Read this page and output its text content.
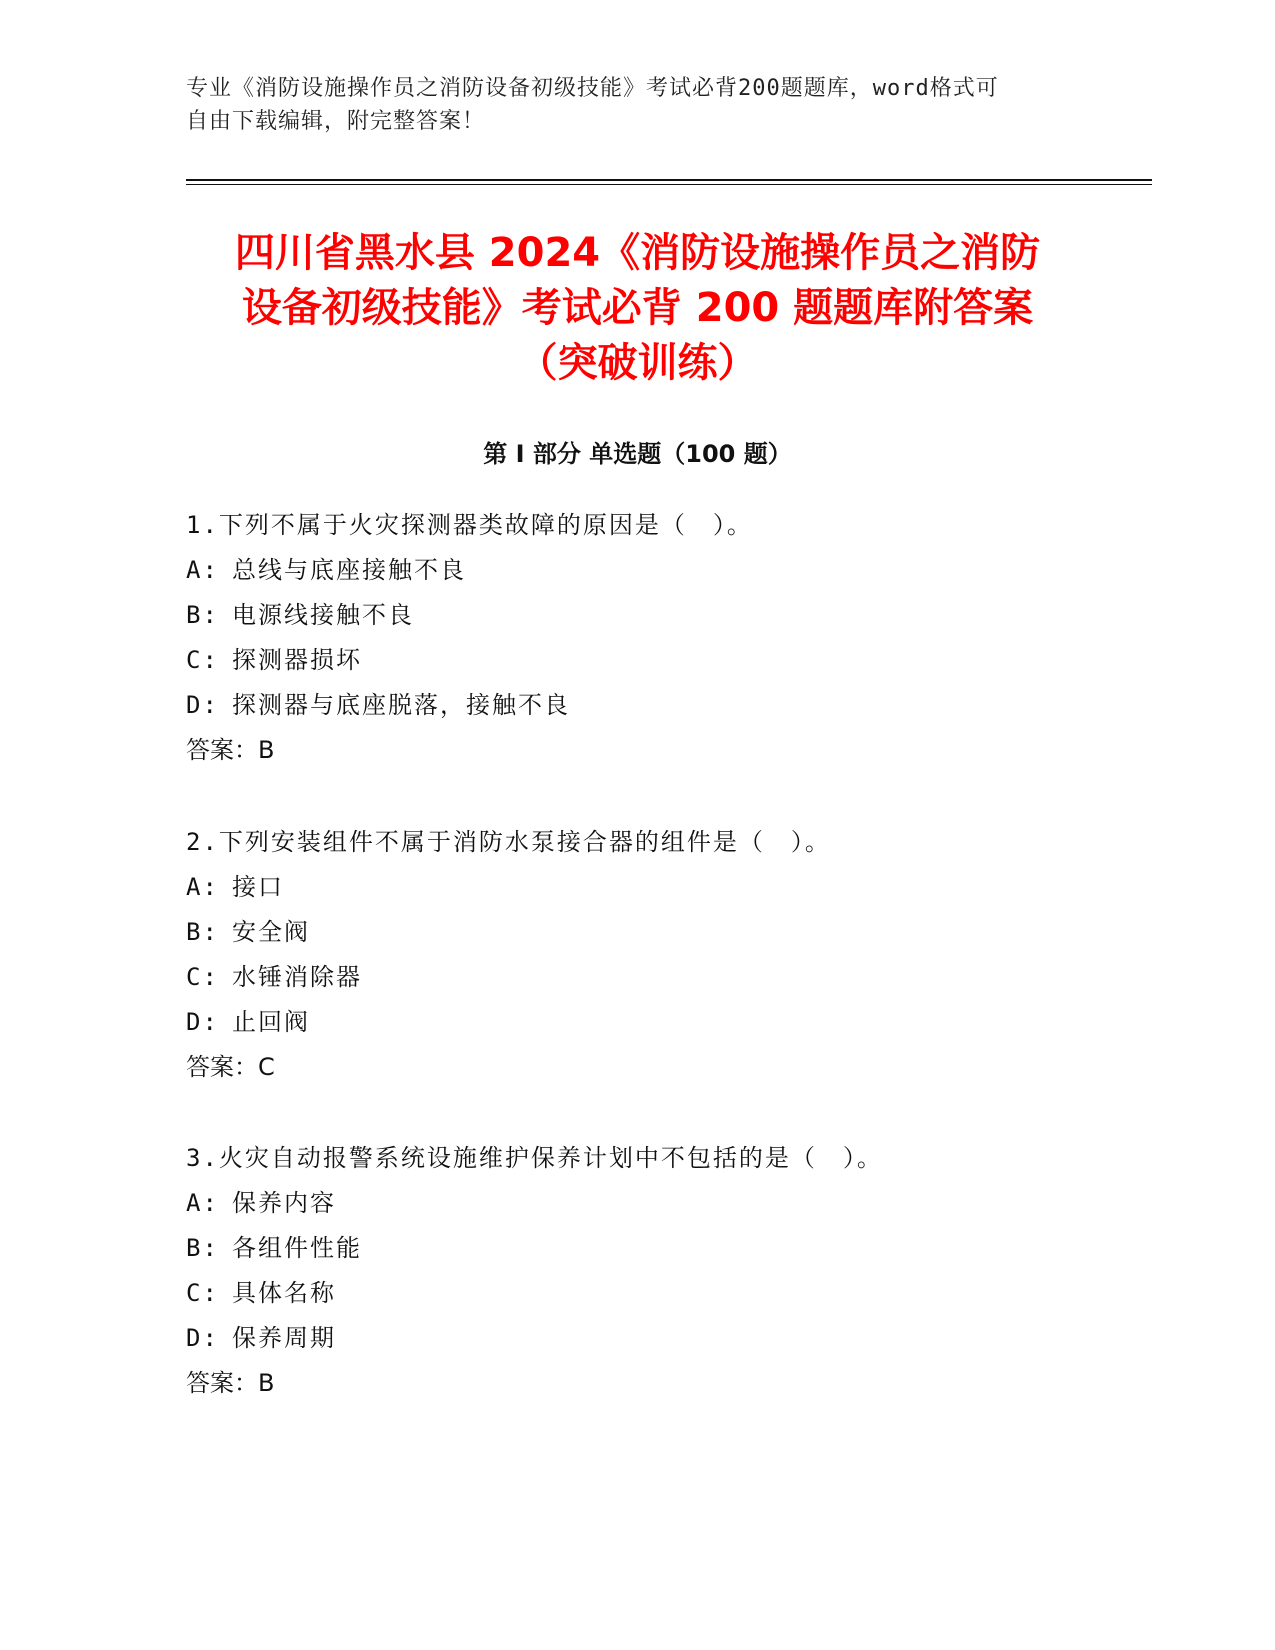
专业《消防设施操作员之消防设备初级技能》考试必背200题题库，word格式可
自由下载编辑，附完整答案！
四川省黑水县 2024《消防设施操作员之消防
设备初级技能》考试必背 200 题题库附答案
（突破训练）
第 I 部分 单选题（100 题）
1.下列不属于火灾探测器类故障的原因是（　）。
A: 总线与底座接触不良
B: 电源线接触不良
C: 探测器损坏
D: 探测器与底座脱落，接触不良
答案：B
2.下列安装组件不属于消防水泵接合器的组件是（　）。
A: 接口
B: 安全阀
C: 水锤消除器
D: 止回阀
答案：C
3.火灾自动报警系统设施维护保养计划中不包括的是（　）。
A: 保养内容
B: 各组件性能
C: 具体名称
D: 保养周期
答案：B
